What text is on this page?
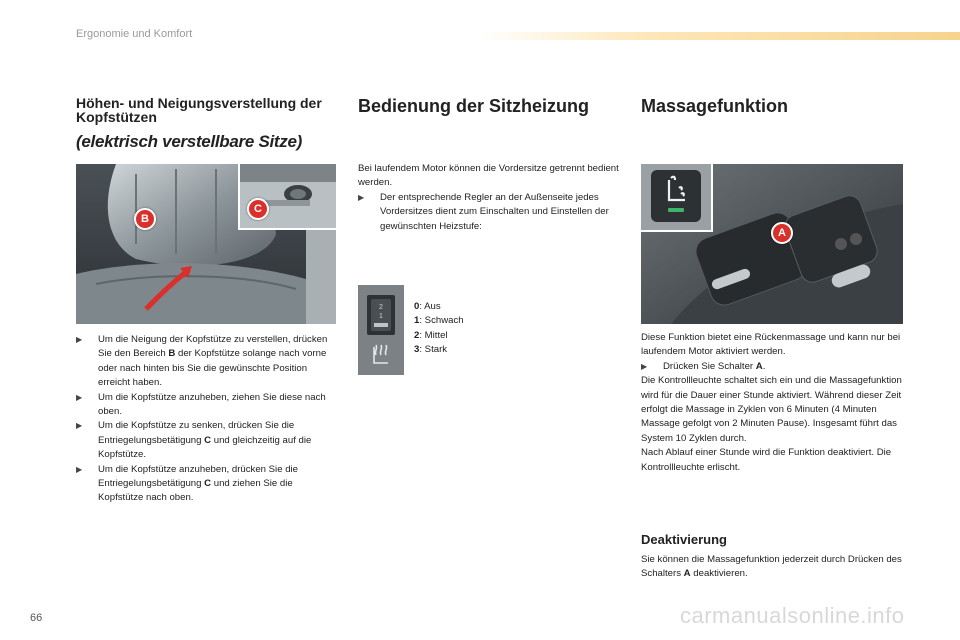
Ergonomie und Komfort
Höhen- und Neigungsverstellung der Kopfstützen
(elektrisch verstellbare Sitze)
B
C
▶ Um die Neigung der Kopfstütze zu verstellen, drücken Sie den Bereich B der Kopfstütze solange nach vorne oder nach hinten bis Sie die gewünschte Position erreicht haben.
▶ Um die Kopfstütze anzuheben, ziehen Sie diese nach oben.
▶ Um die Kopfstütze zu senken, drücken Sie die Entriegelungsbetätigung C und gleichzeitig auf die Kopfstütze.
▶ Um die Kopfstütze anzuheben, drücken Sie die Entriegelungsbetätigung C und ziehen Sie die Kopfstütze nach oben.
Bedienung der Sitzheizung

Bei laufendem Motor können die Vordersitze getrennt bedient werden.

▶ Der entsprechende Regler an der Außenseite jedes Vordersitzes dient zum Einschalten und Einstellen der gewünschten Heizstufe:
2
1
0: Aus
1: Schwach
2: Mittel
3: Stark
Massagefunktion
A

Diese Funktion bietet eine Rückenmassage und kann nur bei laufendem Motor aktiviert werden.

▶ Drücken Sie Schalter A.

Die Kontrollleuchte schaltet sich ein und die Massagefunktion wird für die Dauer einer Stunde aktiviert. Während dieser Zeit erfolgt die Massage in Zyklen von 6 Minuten (4 Minuten Massage gefolgt von 2 Minuten Pause). Insgesamt führt das System 10 Zyklen durch.

Nach Ablauf einer Stunde wird die Funktion deaktiviert. Die Kontrollleuchte erlischt.

Deaktivierung
Sie können die Massagefunktion jederzeit durch Drücken des Schalters A deaktivieren.
66	carmanualsonline.info
